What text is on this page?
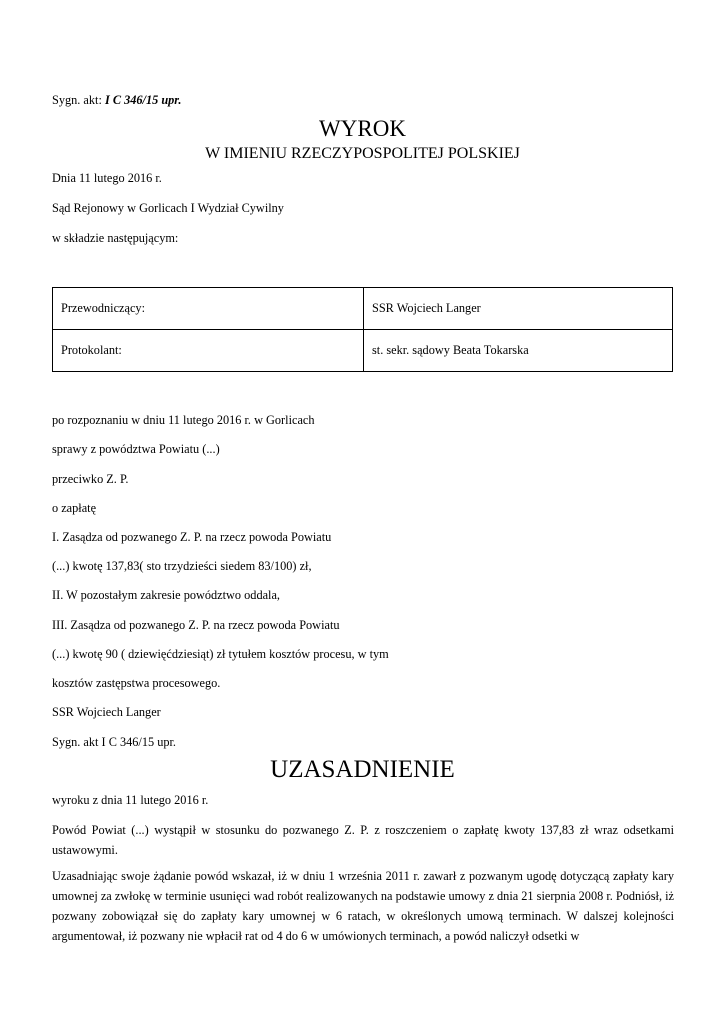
Sygn. akt: I C 346/15 upr.
WYROK
W IMIENIU RZECZYPOSPOLITEJ POLSKIEJ
Dnia 11 lutego 2016 r.
Sąd Rejonowy w Gorlicach I Wydział Cywilny
w składzie następującym:
Przewodniczący:	SSR Wojciech Langer
Protokolant:	st. sekr. sądowy Beata Tokarska
po rozpoznaniu w dniu 11 lutego 2016 r. w Gorlicach
sprawy z powództwa Powiatu (...)
przeciwko Z. P.
o zapłatę
I. Zasądza od pozwanego Z. P. na rzecz powoda Powiatu
(...) kwotę 137,83( sto trzydzieści siedem 83/100) zł,
II. W pozostałym zakresie powództwo oddala,
III. Zasądza od pozwanego Z. P. na rzecz powoda Powiatu
(...) kwotę 90 ( dziewięćdziesiąt) zł tytułem kosztów procesu, w tym
kosztów zastępstwa procesowego.
SSR Wojciech Langer
Sygn. akt I C 346/15 upr.
UZASADNIENIE
wyroku z dnia 11 lutego 2016 r.
Powód Powiat (...) wystąpił w stosunku do pozwanego Z. P. z roszczeniem o zapłatę kwoty 137,83 zł wraz odsetkami ustawowymi.
Uzasadniając swoje żądanie powód wskazał, iż w dniu 1 września 2011 r. zawarł z pozwanym ugodę dotyczącą zapłaty kary umownej za zwłokę w terminie usunięci wad robót realizowanych na podstawie umowy z dnia 21 sierpnia 2008 r. Podniósł, iż pozwany zobowiązał się do zapłaty kary umownej w 6 ratach, w określonych umową terminach. W dalszej kolejności argumentował, iż pozwany nie wpłacił rat od 4 do 6 w umówionych terminach, a powód naliczył odsetki w
